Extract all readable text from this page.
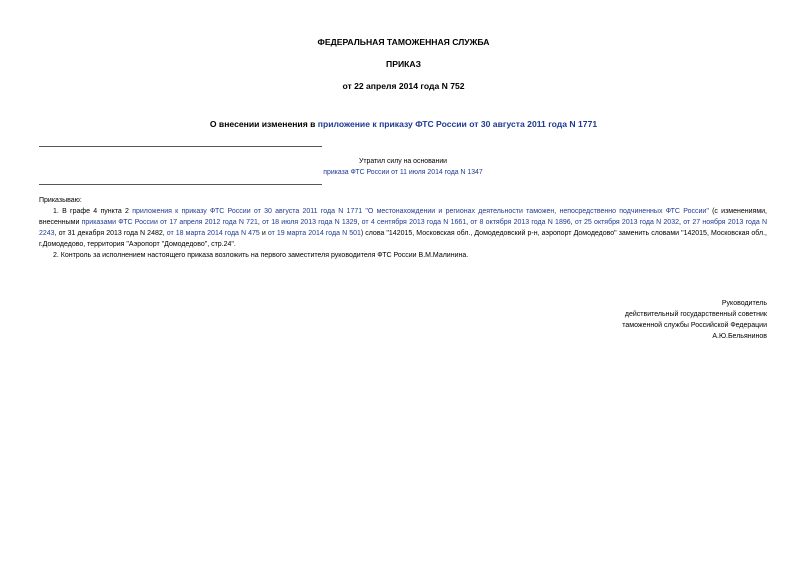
ФЕДЕРАЛЬНАЯ ТАМОЖЕННАЯ СЛУЖБА
ПРИКАЗ
от 22 апреля 2014 года N 752
О внесении изменения в приложение к приказу ФТС России от 30 августа 2011 года N 1771
Утратил силу на основании
приказа ФТС России от 11 июля 2014 года N 1347

Приказываю:

1. В графе 4 пункта 2 приложения к приказу ФТС России от 30 августа 2011 года N 1771 "О местонахождении и регионах деятельности таможен, непосредственно подчиненных ФТС России" (с изменениями, внесенными приказами ФТС России от 17 апреля 2012 года N 721, от 18 июля 2013 года N 1329, от 4 сентября 2013 года N 1661, от 8 октября 2013 года N 1896, от 25 октября 2013 года N 2032, от 27 ноября 2013 года N 2243, от 31 декабря 2013 года N 2482, от 18 марта 2014 года N 475 и от 19 марта 2014 года N 501) слова "142015, Московская обл., Домодедовский р-н, аэропорт Домодедово" заменить словами "142015, Московская обл., г.Домодедово, территория "Аэропорт "Домодедово", стр.24".

2. Контроль за исполнением настоящего приказа возложить на первого заместителя руководителя ФТС России В.М.Малинина.

Руководитель
действительный государственный советник
таможенной службы Российской Федерации
А.Ю.Бельянинов
